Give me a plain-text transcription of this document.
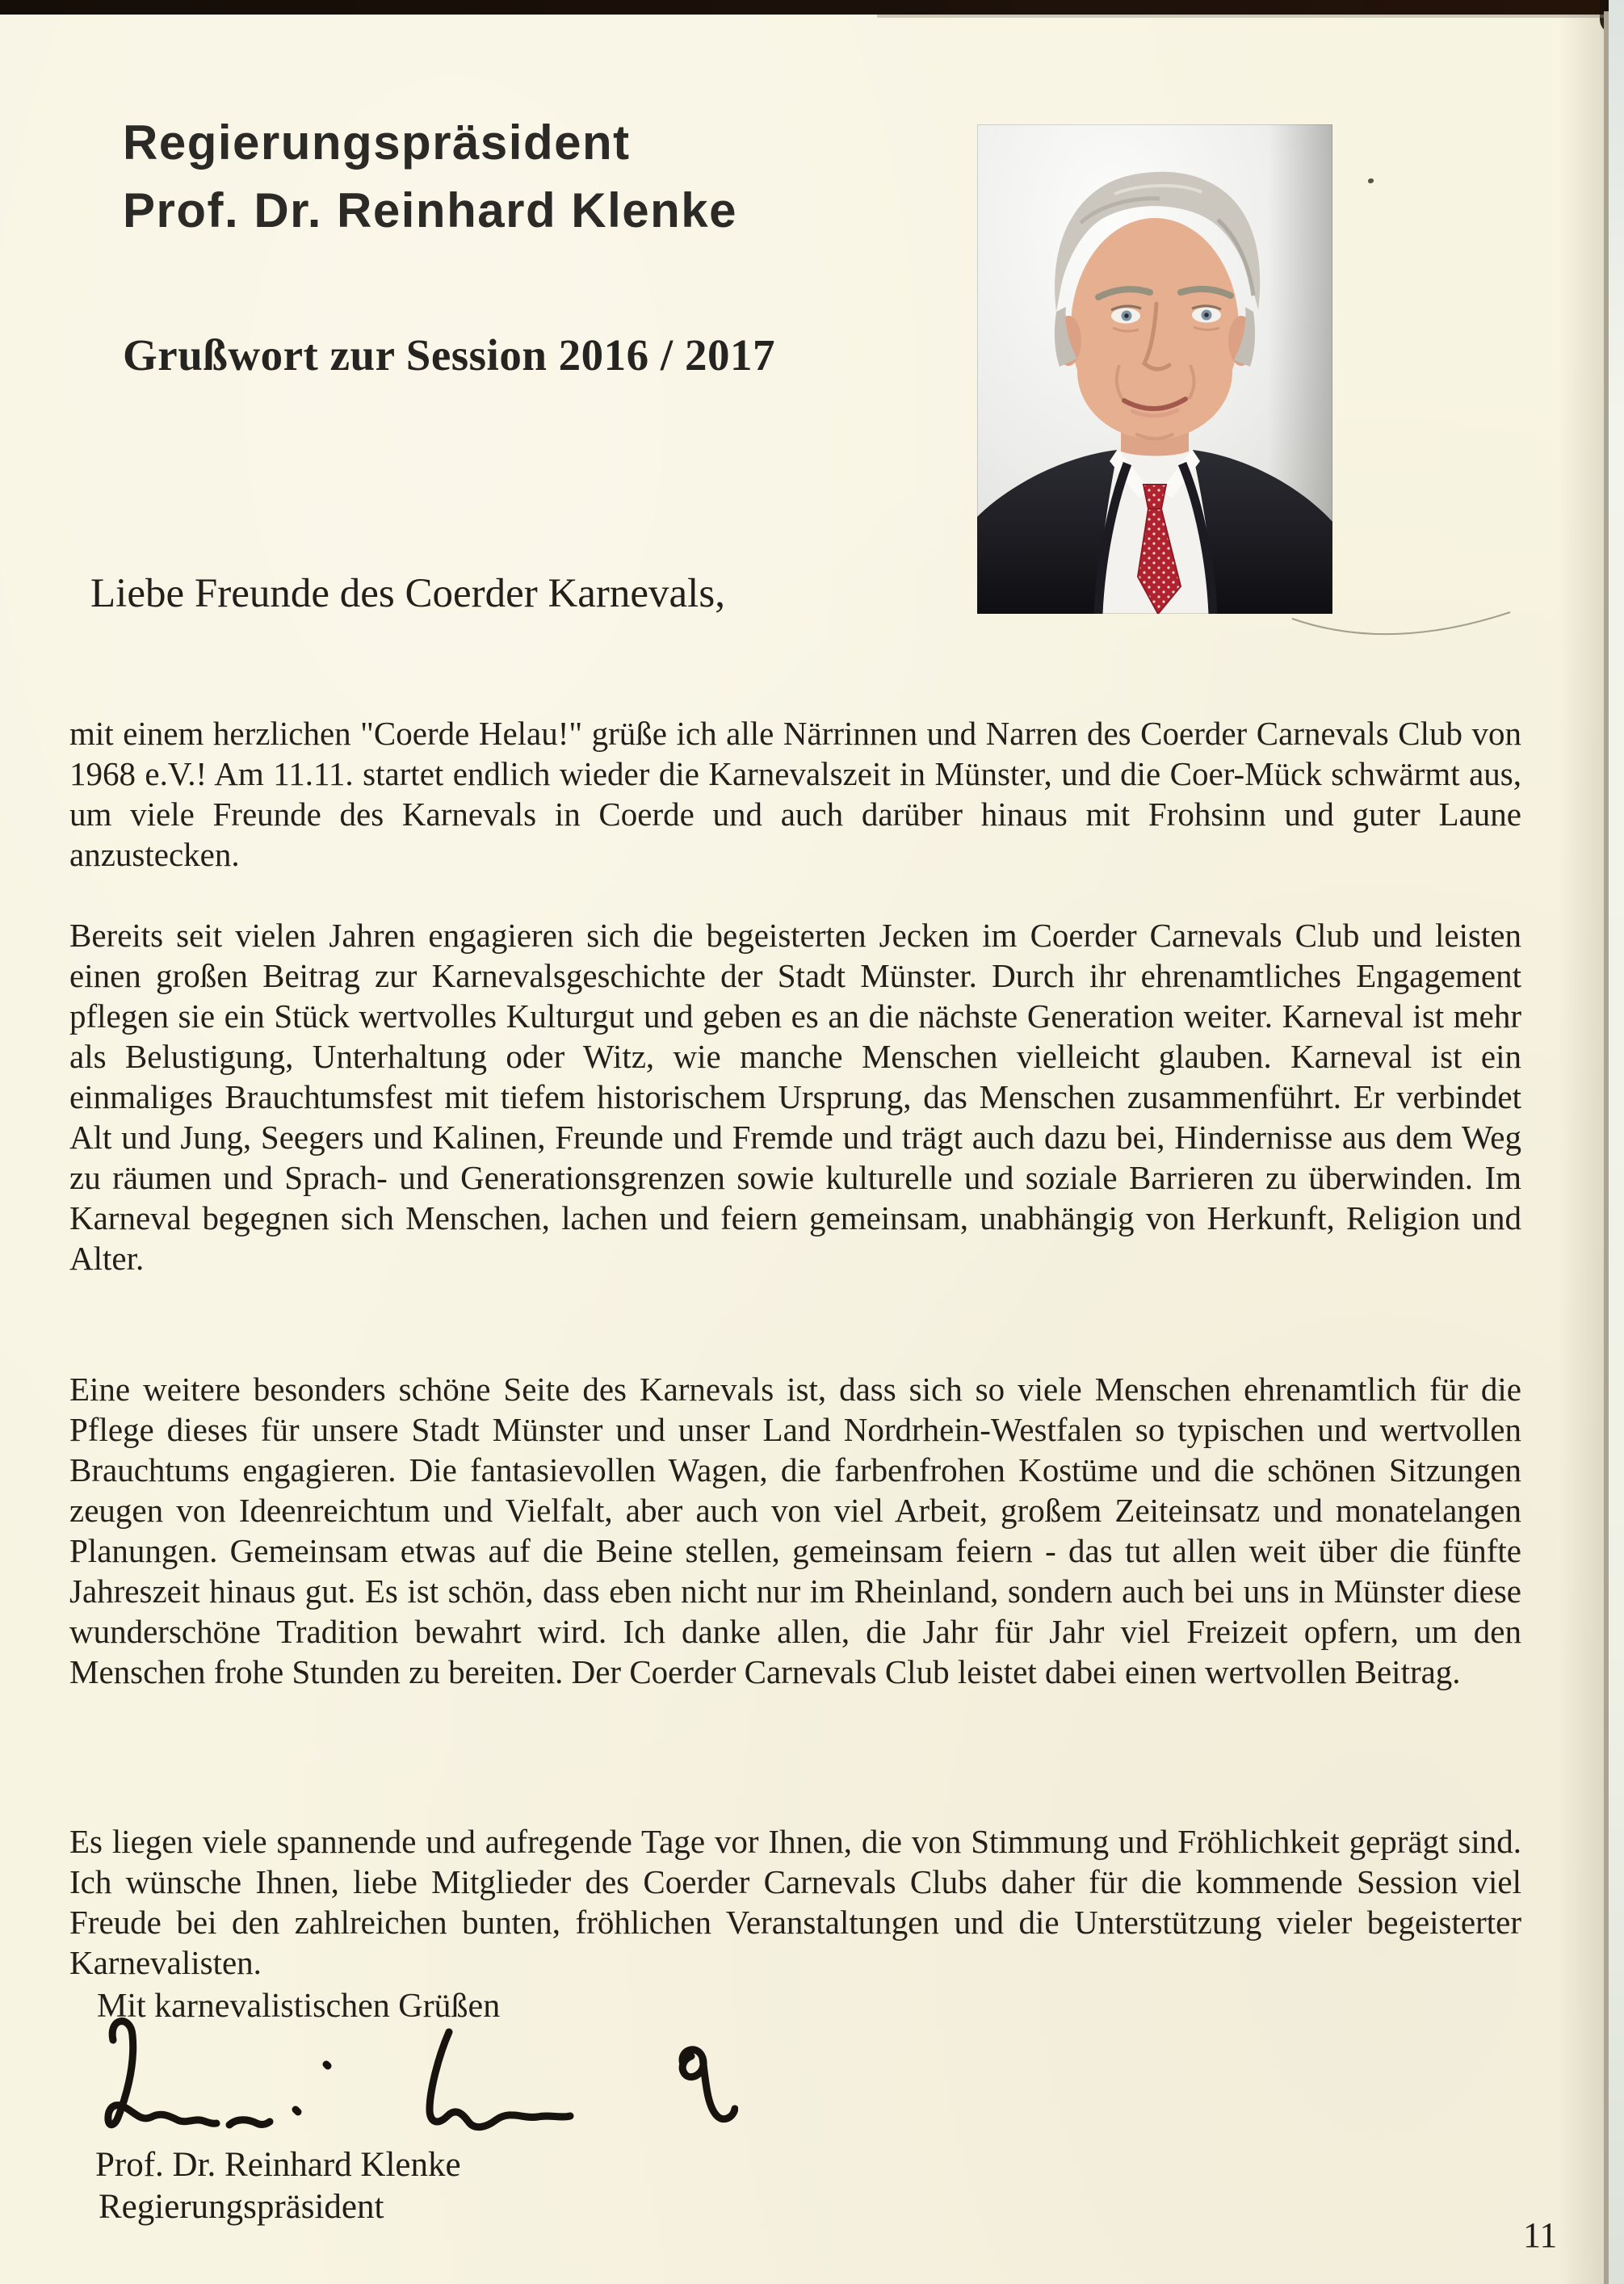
Regierungspräsident
Prof. Dr. Reinhard Klenke
Grußwort zur Session 2016 / 2017
Liebe Freunde des Coerder Karnevals,

mit einem herzlichen "Coerde Helau!" grüße ich alle Närrinnen und Narren des Coerder Carnevals Club von 1968 e.V.! Am 11.11. startet endlich wieder die Karnevalszeit in Münster, und die Coer-Mück schwärmt aus, um viele Freunde des Karnevals in Coerde und auch darüber hinaus mit Frohsinn und guter Laune anzustecken.

Bereits seit vielen Jahren engagieren sich die begeisterten Jecken im Coerder Carnevals Club und leisten einen großen Beitrag zur Karnevalsgeschichte der Stadt Münster. Durch ihr ehrenamtliches Engagement pflegen sie ein Stück wertvolles Kulturgut und geben es an die nächste Generation weiter. Karneval ist mehr als Belustigung, Unterhaltung oder Witz, wie manche Menschen vielleicht glauben. Karneval ist ein einmaliges Brauchtumsfest mit tiefem historischem Ursprung, das Menschen zusammenführt. Er verbindet Alt und Jung, Seegers und Kalinen, Freunde und Fremde und trägt auch dazu bei, Hindernisse aus dem Weg zu räumen und Sprach- und Generationsgrenzen sowie kulturelle und soziale Barrieren zu überwinden. Im Karneval begegnen sich Menschen, lachen und feiern gemeinsam, unabhängig von Herkunft, Religion und Alter.

Eine weitere besonders schöne Seite des Karnevals ist, dass sich so viele Menschen ehrenamtlich für die Pflege dieses für unsere Stadt Münster und unser Land Nordrhein-Westfalen so typischen und wertvollen Brauchtums engagieren. Die fantasievollen Wagen, die farbenfrohen Kostüme und die schönen Sitzungen zeugen von Ideenreichtum und Vielfalt, aber auch von viel Arbeit, großem Zeiteinsatz und monatelangen Planungen. Gemeinsam etwas auf die Beine stellen, gemeinsam feiern - das tut allen weit über die fünfte Jahreszeit hinaus gut. Es ist schön, dass eben nicht nur im Rheinland, sondern auch bei uns in Münster diese wunderschöne Tradition bewahrt wird. Ich danke allen, die Jahr für Jahr viel Freizeit opfern, um den Menschen frohe Stunden zu bereiten. Der Coerder Carnevals Club leistet dabei einen wertvollen Beitrag.

Es liegen viele spannende und aufregende Tage vor Ihnen, die von Stimmung und Fröhlichkeit geprägt sind. Ich wünsche Ihnen, liebe Mitglieder des Coerder Carnevals Clubs daher für die kommende Session viel Freude bei den zahlreichen bunten, fröhlichen Veranstaltungen und die Unterstützung vieler begeisterter Karnevalisten.

Mit karnevalistischen Grüßen
Prof. Dr. Reinhard Klenke
Regierungspräsident
11
